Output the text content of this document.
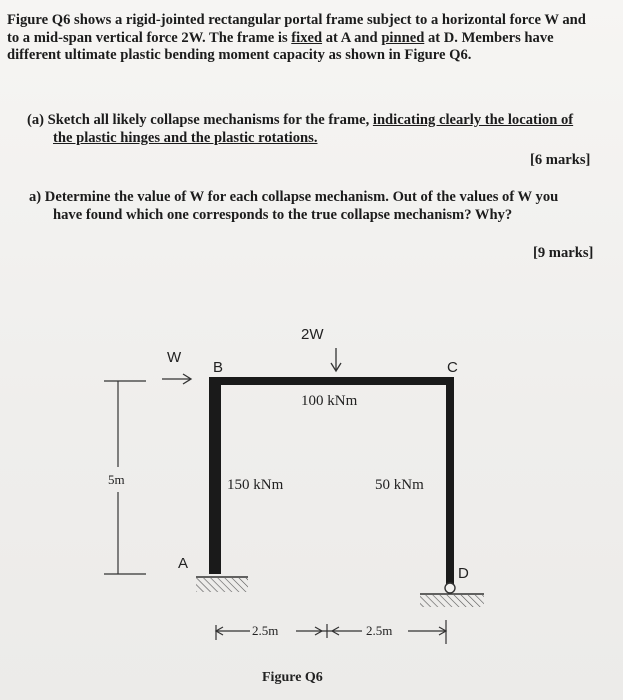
Figure Q6 shows a rigid-jointed rectangular portal frame subject to a horizontal force W and
to a mid-span vertical force 2W. The frame is fixed at A and pinned at D. Members have
different ultimate plastic bending moment capacity as shown in Figure Q6.
(a) Sketch all likely collapse mechanisms for the frame, indicating clearly the location of
the plastic hinges and the plastic rotations.
[6 marks]
a) Determine the value of W for each collapse mechanism. Out of the values of W you
have found which one corresponds to the true collapse mechanism? Why?
[9 marks]
2W
W
B	C
A
D
100 kNm
150 kNm	50 kNm
5m
2.5m	2.5m
Figure Q6
